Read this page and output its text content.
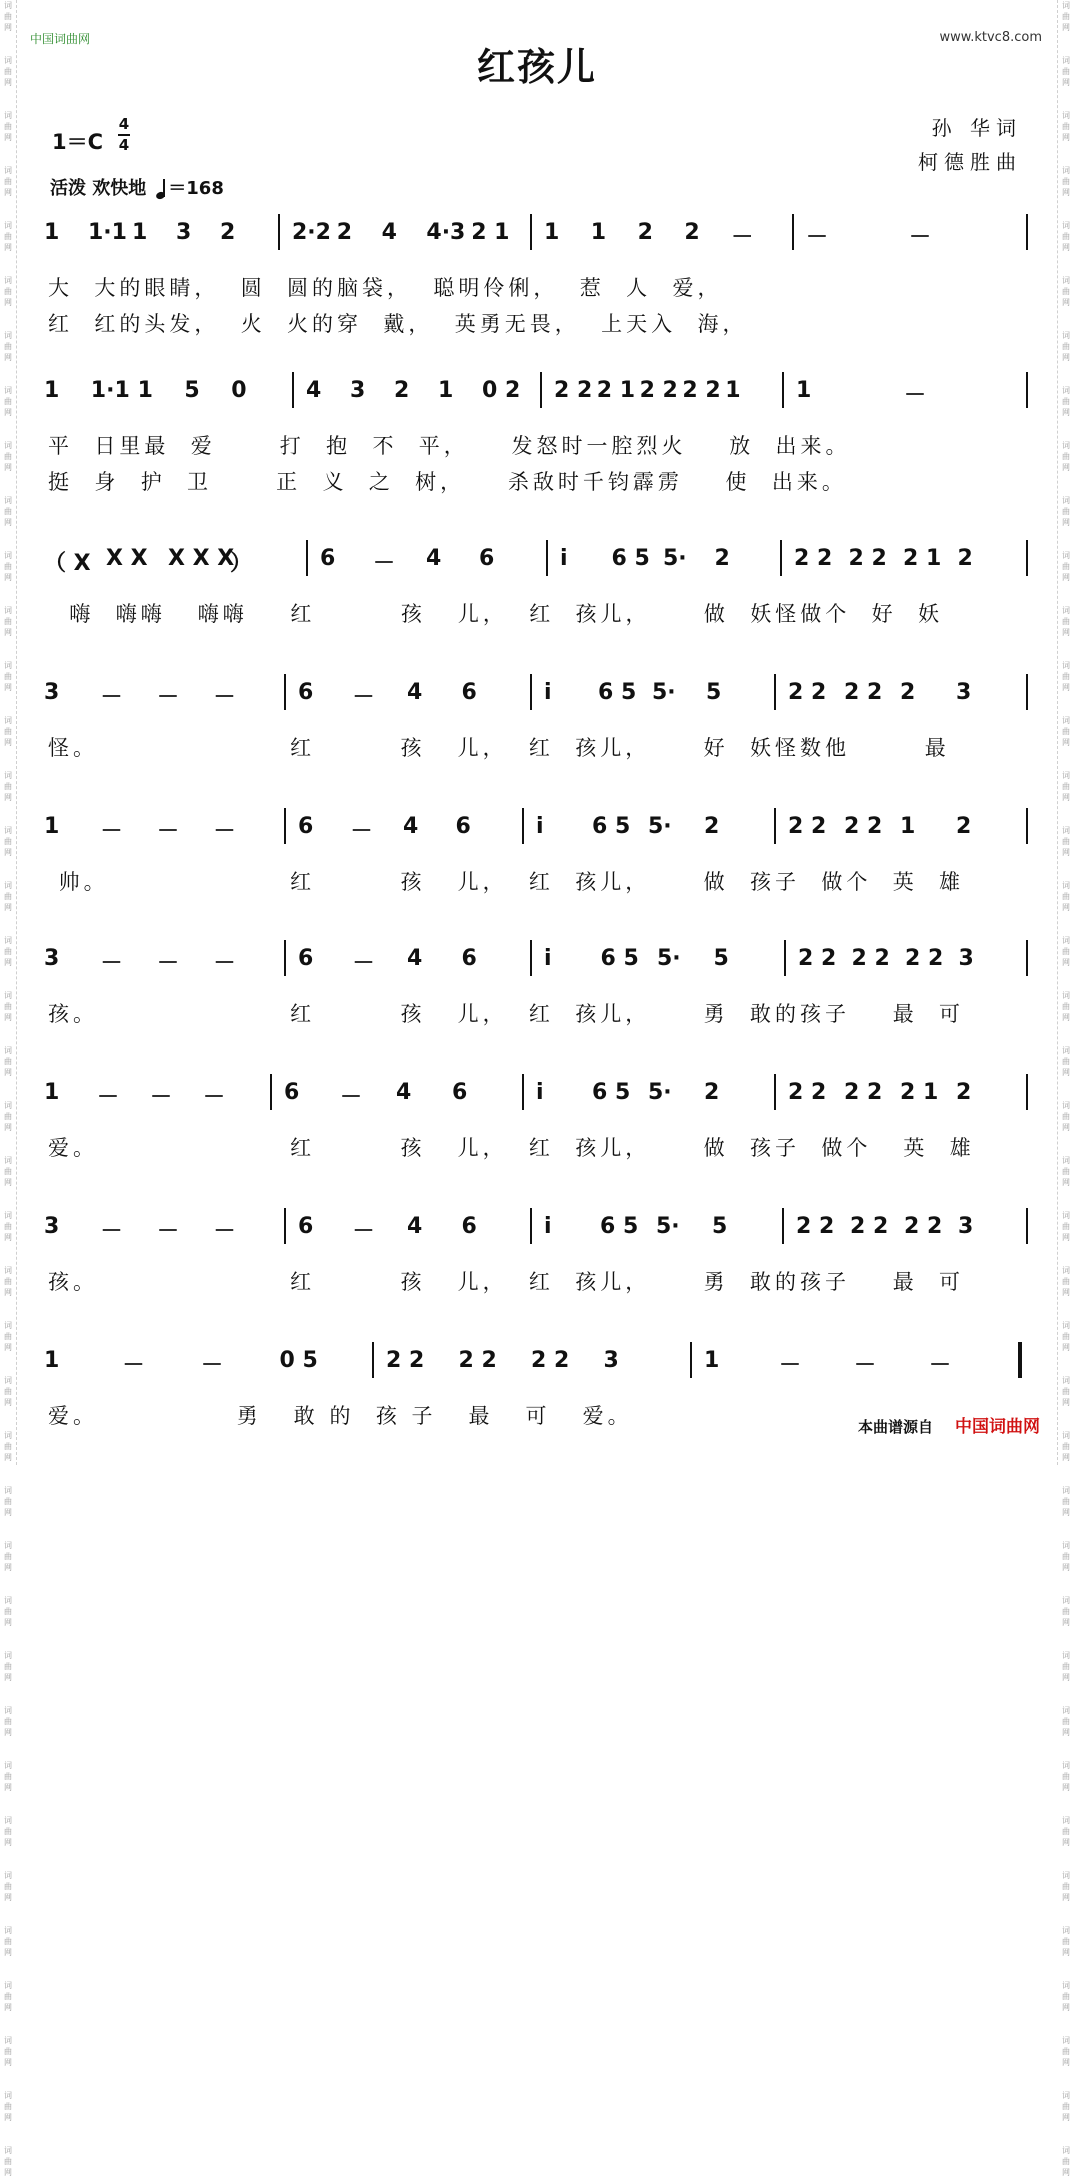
词
曲
网

词
曲
网

词
曲
网

词
曲
网

词
曲
网

词
曲
网

词
曲
网

词
曲
网

词
曲
网

词
曲
网

词
曲
网

词
曲
网

词
曲
网

词
曲
网

词
曲
网

词
曲
网

词
曲
网

词
曲
网

词
曲
网

词
曲
网

词
曲
网

词
曲
网

词
曲
网

词
曲
网

词
曲
网

词
曲
网

词
曲
网

词
曲
网

词
曲
网

词
曲
网

词
曲
网

词
曲
网

词
曲
网

词
曲
网

词
曲
网

词
曲
网

词
曲
网

词
曲
网

词
曲
网

词
曲
网

词
曲
网

词
曲
网

词
曲
网

词
曲
网

词
曲
网

词
曲
网

词
曲
网

词
曲
网

词
曲
网

词
曲
网

词
曲
网

词
曲
网

词
曲
网

词
曲
网

词
曲
网

词
曲
网

词
曲
网

词
曲
网

词
曲
网

词
曲
网

词
曲
网

词
曲
网

词
曲
网

词
曲
网

词
曲
网

词
曲
网

词
曲
网

词
曲
网

词
曲
网

词
曲
网

词
曲
网

词
曲
网

词
曲
网

词
曲
网

词
曲
网

词
曲
网

词
曲
网

词
曲
网

词
曲
网

词
曲
网

中国词曲网	www.ktvc8.com
红孩儿
孙 华词
柯德胜曲
1＝C
4
4
活泼 欢快地 ＝168
1 1·1 1 3 2	2·2 2 4 4·3 2 1 1 1 2 2 － －	－
大  大的眼睛，  圆  圆的脑袋，  聪明伶俐，  惹  人  爱，
红  红的头发，  火  火的穿  戴，  英勇无畏，  上天入  海，
1 1·1 1 5 0	4 3 2 1 0 2 2 2 2 1 2 2 2 2 1	1	－
平  日里最  爱      打  抱  不  平，    发怒时一腔烈火    放  出来。
挺  身  护  卫      正  义  之  树，    杀敌时千钧霹雳    使  出来。
（ X X X X X X
）	6 － 4 6	i 6 5 5· 2	2 2 2 2 2 1 2
嗨  嗨嗨   嗨嗨    红        孩   儿，  红  孩儿，     做  妖怪做个  好  妖
3 － － －	6 － 4 6	i 6 5 5· 5	2 2 2 2 2 3
怪。                  红        孩   儿，  红  孩儿，     好  妖怪数他       最
1 － － －	6 － 4 6	i 6 5 5· 2	2 2 2 2 1 2
帅。                 红        孩   儿，  红  孩儿，     做  孩子  做个  英  雄
3 － － －	6 － 4 6	i 6 5 5· 5	2 2 2 2 2 2 3
孩。                  红        孩   儿，  红  孩儿，     勇  敢的孩子    最  可
1 － － －	6 － 4 6	i 6 5 5· 2	2 2 2 2 2 1 2
爱。                  红        孩   儿，  红  孩儿，     做  孩子  做个   英  雄
3 － － －	6 － 4 6	i 6 5 5· 5	2 2 2 2 2 2 3
孩。                  红        孩   儿，  红  孩儿，     勇  敢的孩子    最  可
1	－	－	0 5	2 2 2 2 2 2 3	1	－ － －
爱。             勇   敢 的  孩 子   最   可   爱。	本曲谱源自 中国词曲网
